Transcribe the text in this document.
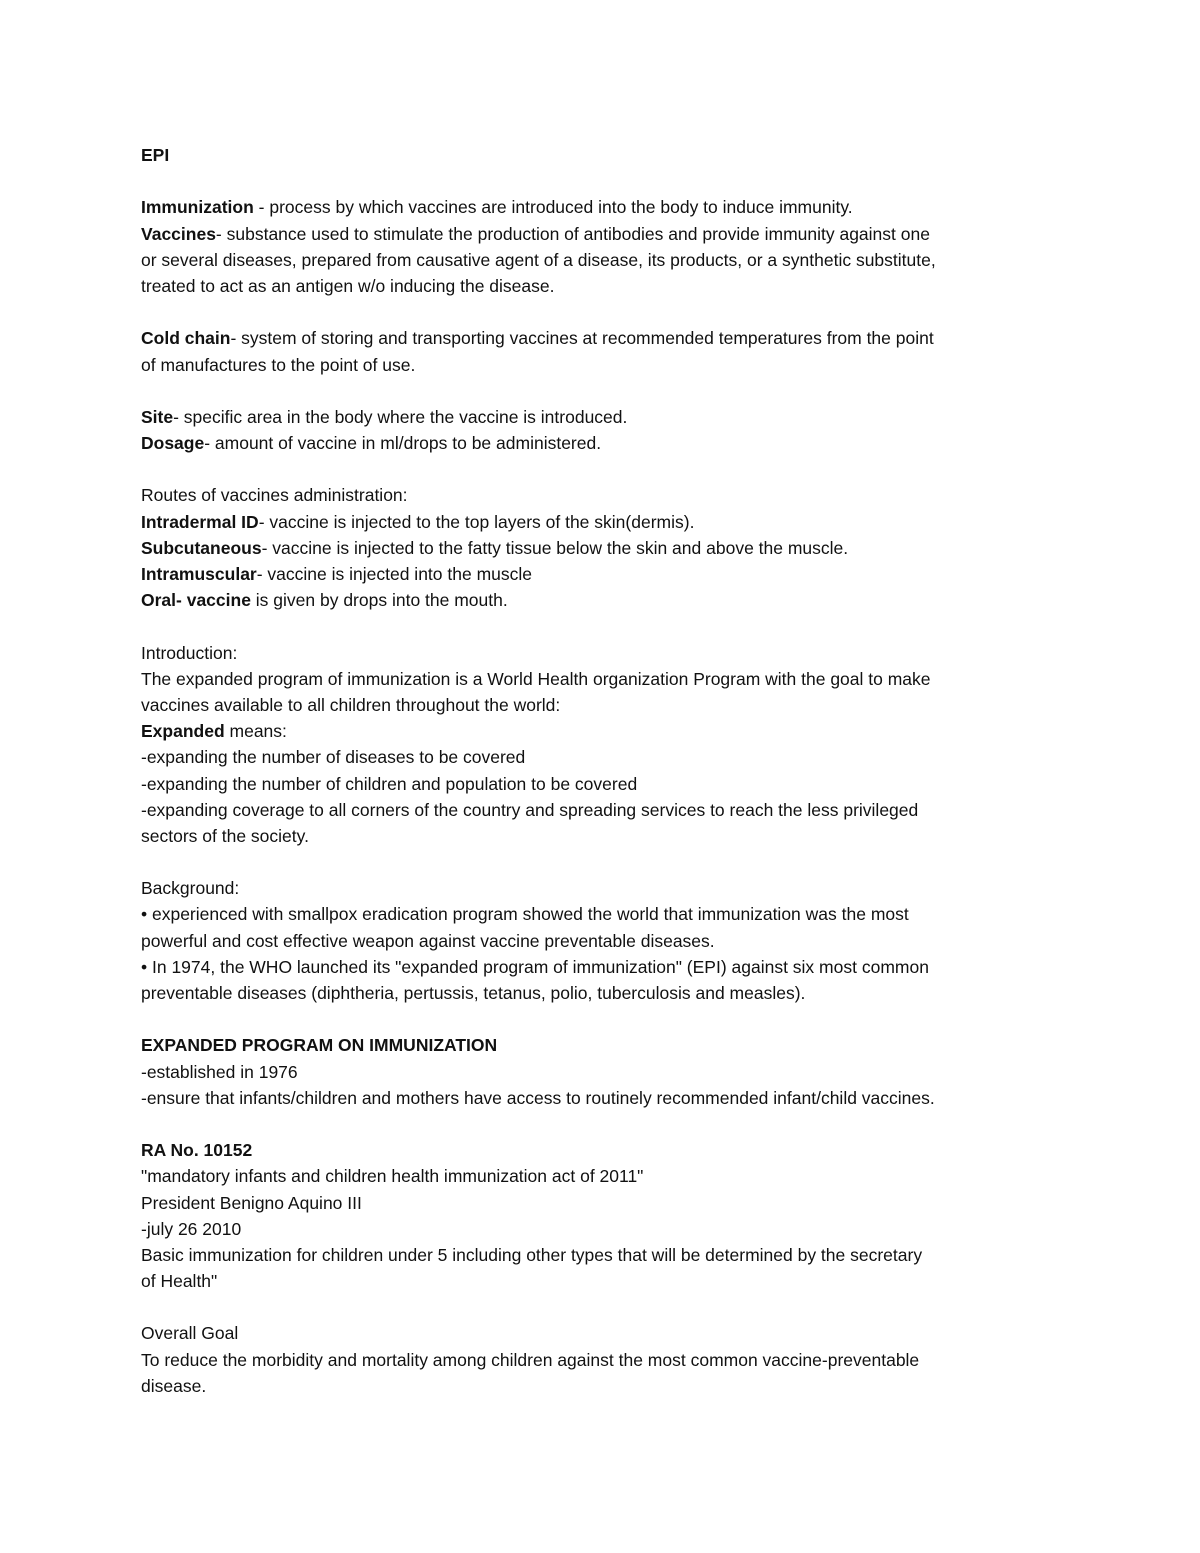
EPI
Immunization - process by which vaccines are introduced into the body to induce immunity.
Vaccines- substance used to stimulate the production of antibodies and provide immunity against one
or several diseases, prepared from causative agent of a disease, its products, or a synthetic substitute,
treated to act as an antigen w/o inducing the disease.
Cold chain- system of storing and transporting vaccines at recommended temperatures from the point
of manufactures to the point of use.
Site- specific area in the body where the vaccine is introduced.
Dosage- amount of vaccine in ml/drops to be administered.
Routes of vaccines administration:
Intradermal ID- vaccine is injected to the top layers of the skin(dermis).
Subcutaneous- vaccine is injected to the fatty tissue below the skin and above the muscle.
Intramuscular- vaccine is injected into the muscle
Oral- vaccine is given by drops into the mouth.
Introduction:
The expanded program of immunization is a World Health organization Program with the goal to make
vaccines available to all children throughout the world:
Expanded means:
-expanding the number of diseases to be covered
-expanding the number of children and population to be covered
-expanding coverage to all corners of the country and spreading services to reach the less privileged
sectors of the society.
Background:
• experienced with smallpox eradication program showed the world that immunization was the most
powerful and cost effective weapon against vaccine preventable diseases.
• In 1974, the WHO launched its "expanded program of immunization" (EPI) against six most common
preventable diseases (diphtheria, pertussis, tetanus, polio, tuberculosis and measles).
EXPANDED PROGRAM ON IMMUNIZATION
-established in 1976
-ensure that infants/children and mothers have access to routinely recommended infant/child vaccines.
RA No. 10152
"mandatory infants and children health immunization act of 2011"
President Benigno Aquino III
-july 26 2010
Basic immunization for children under 5 including other types that will be determined by the secretary
of Health"
Overall Goal
To reduce the morbidity and mortality among children against the most common vaccine-preventable
disease.
